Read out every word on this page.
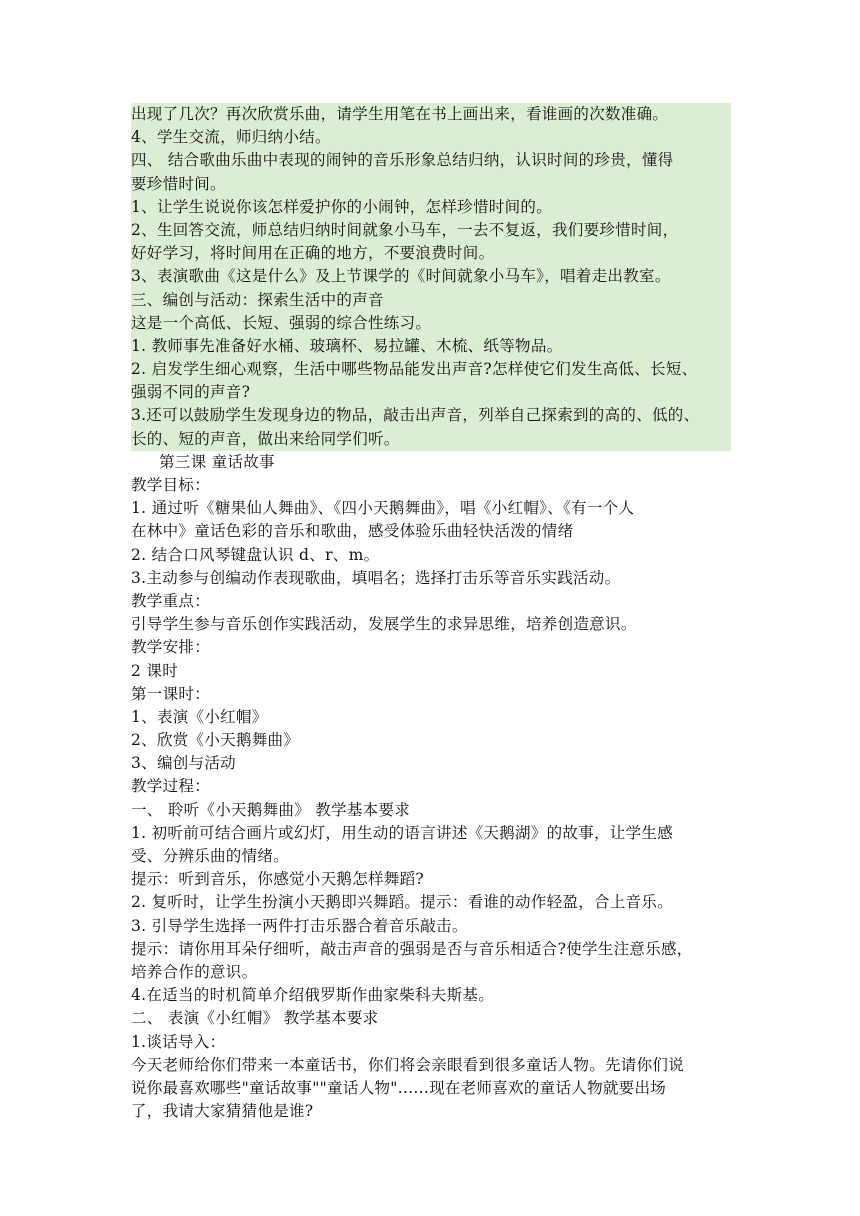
出现了几次？再次欣赏乐曲，请学生用笔在书上画出来，看谁画的次数准确。
4、学生交流，师归纳小结。
四、 结合歌曲乐曲中表现的闹钟的音乐形象总结归纳，认识时间的珍贵，懂得
要珍惜时间。
1、让学生说说你该怎样爱护你的小闹钟，怎样珍惜时间的。
2、生回答交流，师总结归纳时间就象小马车，一去不复返，我们要珍惜时间，
好好学习，将时间用在正确的地方，不要浪费时间。
3、表演歌曲《这是什么》及上节课学的《时间就象小马车》，唱着走出教室。
三、编创与活动：探索生活中的声音
这是一个高低、长短、强弱的综合性练习。
1. 教师事先准备好水桶、玻璃杯、易拉罐、木梳、纸等物品。
2. 启发学生细心观察，生活中哪些物品能发出声音?怎样使它们发生高低、长短、
强弱不同的声音?
3.还可以鼓励学生发现身边的物品，敲击出声音，列举自己探索到的高的、低的、
长的、短的声音，做出来给同学们听。
第三课 童话故事
教学目标：
1. 通过听《糖果仙人舞曲》、《四小天鹅舞曲》，唱《小红帽》、《有一个人
在林中》童话色彩的音乐和歌曲，感受体验乐曲轻快活泼的情绪
2. 结合口风琴键盘认识 d、r、m。
3.主动参与创编动作表现歌曲，填唱名；选择打击乐等音乐实践活动。
教学重点：
引导学生参与音乐创作实践活动，发展学生的求异思维，培养创造意识。
教学安排：
2 课时
第一课时：
1、表演《小红帽》
2、欣赏《小天鹅舞曲》
3、编创与活动
教学过程：
一、 聆听《小天鹅舞曲》 教学基本要求
1. 初听前可结合画片或幻灯，用生动的语言讲述《天鹅湖》的故事，让学生感
受、分辨乐曲的情绪。
提示：听到音乐，你感觉小天鹅怎样舞蹈?
2. 复听时，让学生扮演小天鹅即兴舞蹈。提示：看谁的动作轻盈，合上音乐。
3. 引导学生选择一两件打击乐器合着音乐敲击。
提示：请你用耳朵仔细听，敲击声音的强弱是否与音乐相适合?使学生注意乐感，
培养合作的意识。
4.在适当的时机简单介绍俄罗斯作曲家柴科夫斯基。
二、 表演《小红帽》 教学基本要求
1.谈话导入：
今天老师给你们带来一本童话书，你们将会亲眼看到很多童话人物。先请你们说
说你最喜欢哪些"童话故事""童话人物"......现在老师喜欢的童话人物就要出场
了，我请大家猜猜他是谁?
